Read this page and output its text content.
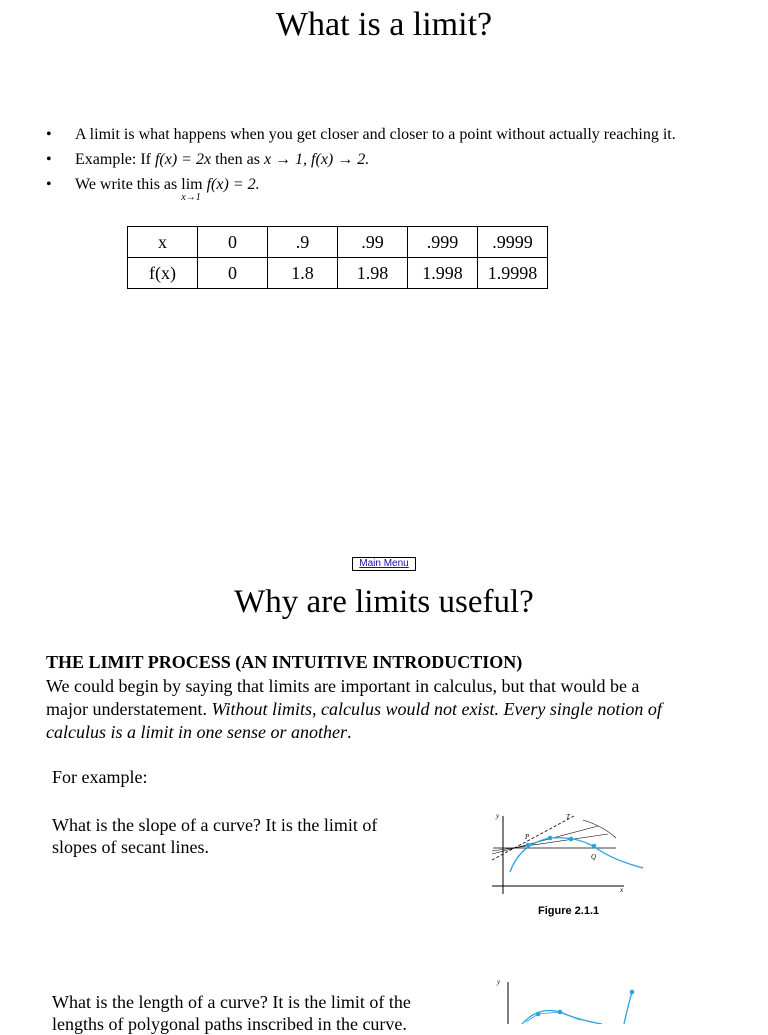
What is a limit?
• A limit is what happens when you get closer and closer to a point without actually reaching it.
• Example: If f(x) = 2x then as x → 1, f(x) → 2.
• We write this as lim
x→1
f(x) = 2.
x	0	.9	.99	.999	.9999
f(x)	0	1.8	1.98	1.998	1.9998
Main Menu
Why are limits useful?
THE LIMIT PROCESS (AN INTUITIVE INTRODUCTION)
We could begin by saying that limits are important in calculus, but that would be a major understatement. Without limits, calculus would not exist. Every single notion of calculus is a limit in one sense or another.
For example:
What is the slope of a curve? It is the limit of slopes of secant lines.
y
x
P
Q
T
Figure 2.1.1
What is the length of a curve? It is the limit of the lengths of polygonal paths inscribed in the curve.
y
